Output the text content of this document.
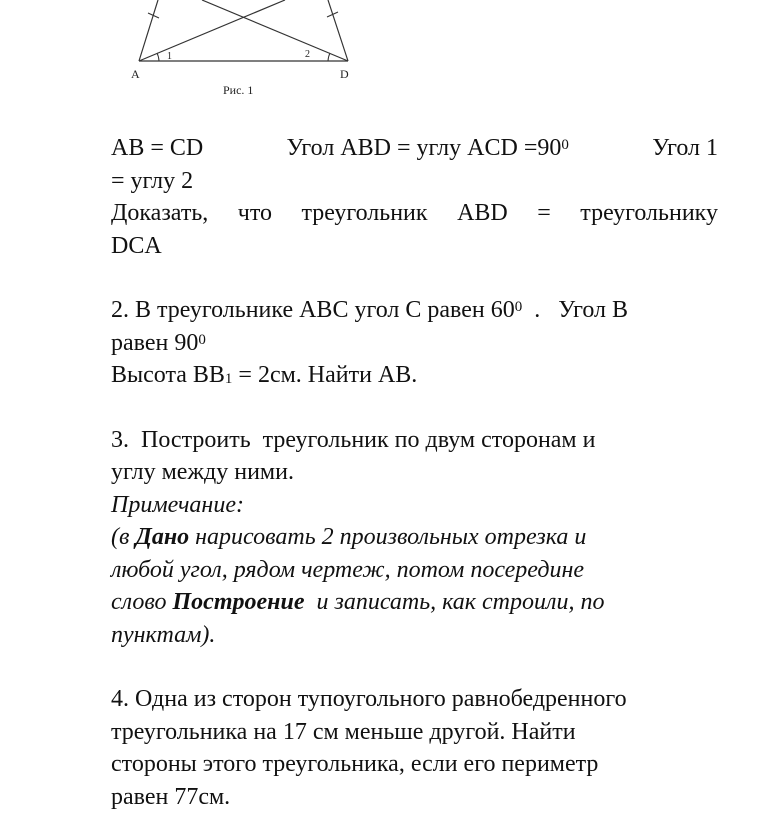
1	2
A	D
Рис. 1
AB = CD	Угол ABD = углу ACD $=90^0$	Угол 1
= углу 2
Доказать, что треугольник ABD = треугольнику
DCA
2. В треугольнике АВС угол С равен $60^0$  .   Угол В
равен $90^0$
Высота $ВВ_1 = 2см$. Найти АВ.
3.  Построить  треугольник по двум сторонам и
углу между ними.
Примечание:
(в Дано нарисовать 2 произвольных отрезка и
любой угол, рядом чертеж, потом посередине
слово Построение  и записать, как строили, по
пунктам).
4. Одна из сторон тупоугольного равнобедренного
треугольника на 17 см меньше другой. Найти
стороны этого треугольника, если его периметр
равен 77см.
